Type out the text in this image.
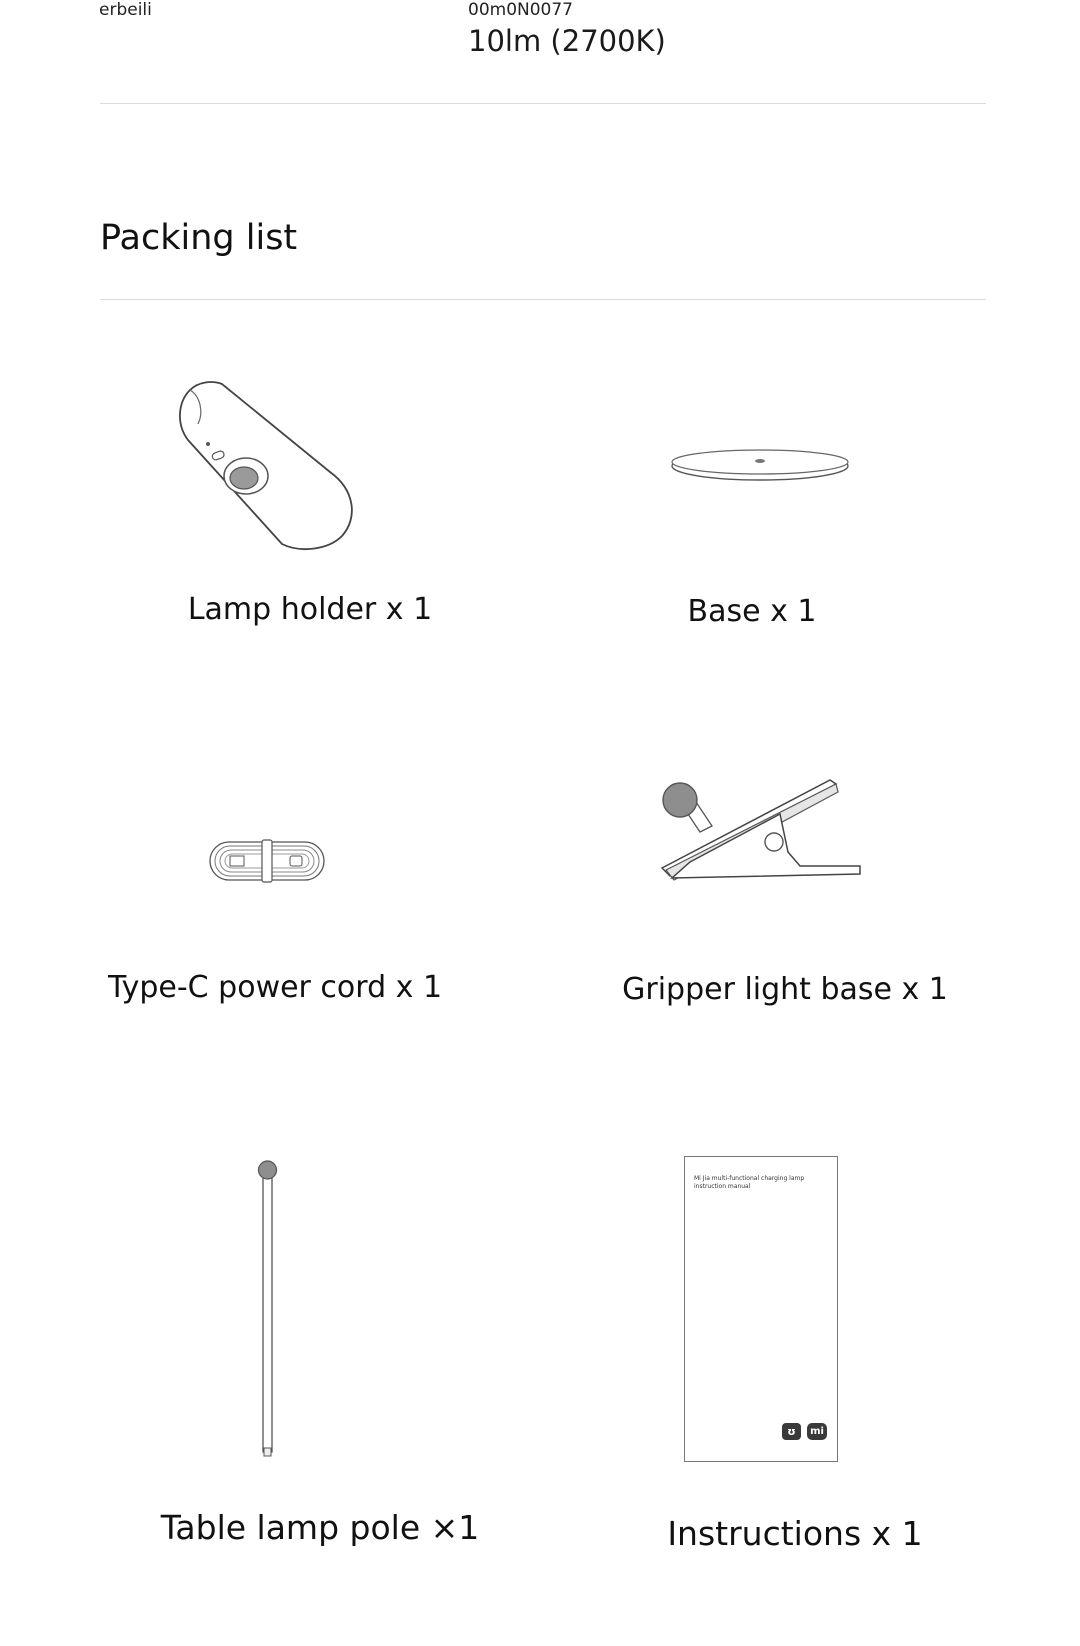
erbeili	00m0N0077
10lm (2700K)
Packing list
Lamp holder x 1	Base x 1
Type-C power cord x 1	Gripper light base x 1
Table lamp pole ×1
Mi Jia multi-functional charging lamp
instruction manual
ʊ	mi
Instructions x 1
